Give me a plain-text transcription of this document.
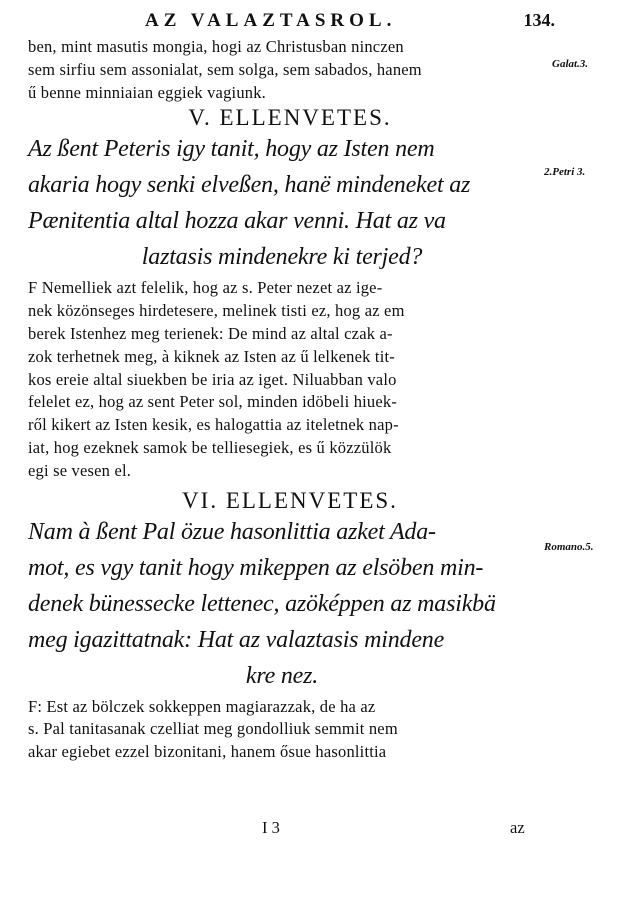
AZ VALAZTASROL.	134.
Galat.3.
2.Petri 3.
Romano.5.
ben, mint masutis mongia, hogi az Christusban ninczen
sem sirfiu sem assonialat, sem solga, sem sabados, hanem
ű benne minniaian eggiek vagiunk.
V. ELLENVETES.
Az ßent Peteris igy tanit, hogy az Isten nem
akaria hogy senki elveßen, hanë mindeneket az
Pænitentia altal hozza akar venni. Hat az va
laztasis mindenekre ki terjed?
F Nemelliek azt felelik, hog az s. Peter nezet az ige-
nek közönseges hirdetesere, melinek tisti ez, hog az em
berek Istenhez meg terienek: De mind az altal czak a-
zok terhetnek meg, à kiknek az Isten az ű lelkenek tit-
kos ereie altal siuekben be iria az iget. Niluabban valo
felelet ez, hog az sent Peter sol, minden idöbeli hiuek-
ről kikert az Isten kesik, es halogattia az iteletnek nap-
iat, hog ezeknek samok be telliesegiek, es ű közzülök
egi se vesen el.
VI. ELLENVETES.
Nam à ßent Pal özue hasonlittia azket Ada-
mot, es vgy tanit hogy mikeppen az elsöben min-
denek bünessecke lettenec, azöképpen az masikbä
meg igazittatnak: Hat az valaztasis mindene
kre nez.
F: Est az bölczek sokkeppen magiarazzak, de ha az
s. Pal tanitasanak czelliat meg gondolliuk semmit nem
akar egiebet ezzel bizonitani, hanem ősue hasonlittia
I 3	az
